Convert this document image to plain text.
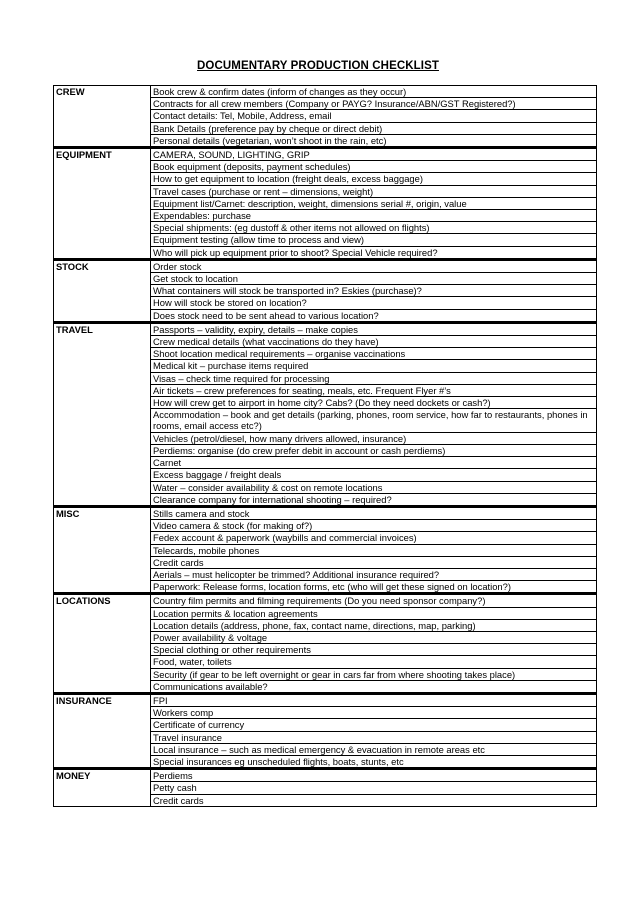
DOCUMENTARY PRODUCTION CHECKLIST
CREW	Book crew & confirm dates (inform of changes as they occur)
	Contracts for all crew members (Company or PAYG? Insurance/ABN/GST Registered?)
	Contact details: Tel, Mobile, Address, email
	Bank Details (preference pay by cheque or direct debit)
	Personal details (vegetarian, won’t shoot in the rain, etc)
EQUIPMENT	CAMERA, SOUND, LIGHTING, GRIP
	Book equipment (deposits, payment schedules)
	How to get equipment to location (freight deals, excess baggage)
	Travel cases (purchase or rent – dimensions, weight)
	Equipment list/Carnet: description, weight, dimensions serial #, origin, value
	Expendables: purchase
	Special shipments: (eg dustoff & other items not allowed on flights)
	Equipment testing (allow time to process and view)
	Who will pick up equipment prior to shoot? Special Vehicle required?
STOCK	Order stock
	Get stock to location
	What containers will stock be transported in? Eskies (purchase)?
	How will stock be stored on location?
	Does stock need to be sent ahead to various location?
TRAVEL	Passports – validity, expiry, details – make copies
	Crew medical details (what vaccinations do they have)
	Shoot location medical requirements – organise vaccinations
	Medical kit – purchase items required
	Visas – check time required for processing
	Air tickets – crew preferences for seating, meals, etc. Frequent Flyer #’s
	How will crew get to airport in home city? Cabs? (Do they need dockets or cash?)
	Accommodation – book and get details (parking, phones, room service, how far to restaurants, phones in rooms, email access etc?)
	Vehicles (petrol/diesel, how many drivers allowed, insurance)
	Perdiems: organise (do crew prefer debit in account or cash perdiems)
	Carnet
	Excess baggage / freight deals
	Water – consider availability & cost on remote locations
	Clearance company for international shooting – required?
MISC	Stills camera and stock
	Video camera & stock (for making of?)
	Fedex account & paperwork (waybills and commercial invoices)
	Telecards, mobile phones
	Credit cards
	Aerials – must helicopter be trimmed? Additional insurance required?
	Paperwork: Release forms, location forms, etc (who will get these signed on location?)
LOCATIONS	Country film permits and filming requirements (Do you need sponsor company?)
	Location permits & location agreements
	Location details (address, phone, fax, contact name, directions, map, parking)
	Power availability & voltage
	Special clothing or other requirements
	Food, water, toilets
	Security (if gear to be left overnight or gear in cars far from where shooting takes place)
	Communications available?
INSURANCE	FPI
	Workers comp
	Certificate of currency
	Travel insurance
	Local insurance – such as medical emergency & evacuation in remote areas etc
	Special insurances eg unscheduled flights, boats, stunts, etc
MONEY	Perdiems
	Petty cash
	Credit cards
